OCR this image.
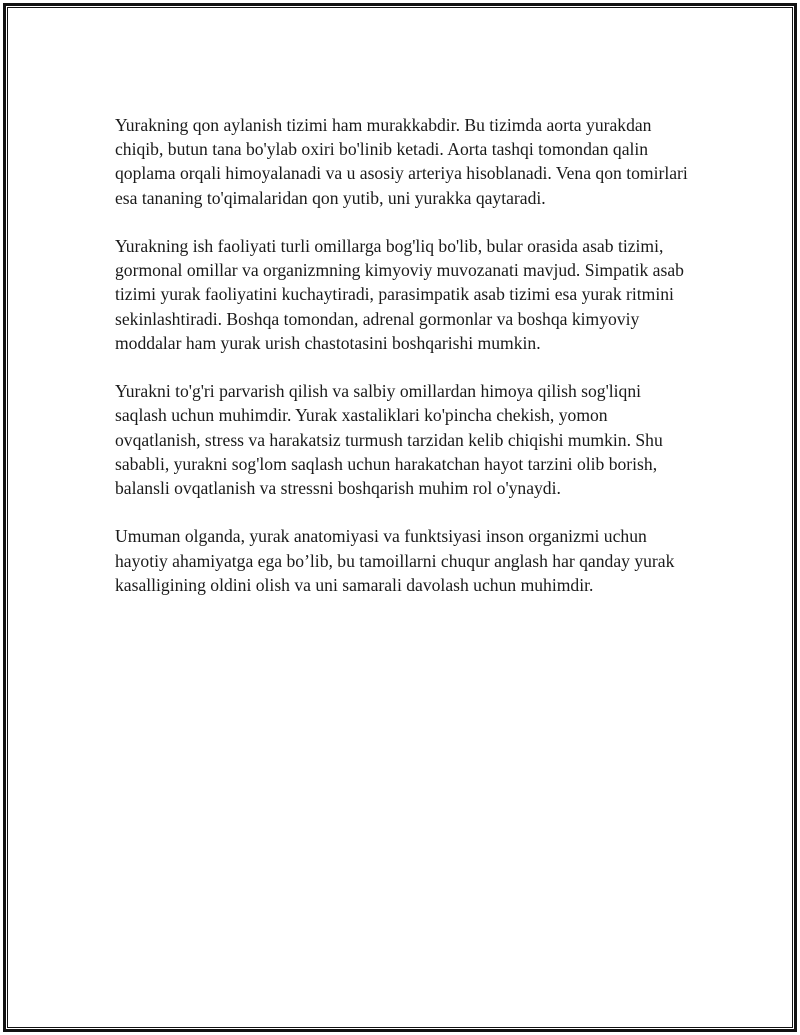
Yurakning qon aylanish tizimi ham murakkabdir. Bu tizimda aorta yurakdan chiqib, butun tana bo'ylab oxiri bo'linib ketadi. Aorta tashqi tomondan qalin qoplama orqali himoyalanadi va u asosiy arteriya hisoblanadi. Vena qon tomirlari esa tananing to'qimalaridan qon yutib, uni yurakka qaytaradi.

Yurakning ish faoliyati turli omillarga bog'liq bo'lib, bular orasida asab tizimi, gormonal omillar va organizmning kimyoviy muvozanati mavjud. Simpatik asab tizimi yurak faoliyatini kuchaytiradi, parasimpatik asab tizimi esa yurak ritmini sekinlashtiradi. Boshqa tomondan, adrenal gormonlar va boshqa kimyoviy moddalar ham yurak urish chastotasini boshqarishi mumkin.

Yurakni to'g'ri parvarish qilish va salbiy omillardan himoya qilish sog'liqni saqlash uchun muhimdir. Yurak xastaliklari ko'pincha chekish, yomon ovqatlanish, stress va harakatsiz turmush tarzidan kelib chiqishi mumkin. Shu sababli, yurakni sog'lom saqlash uchun harakatchan hayot tarzini olib borish, balansli ovqatlanish va stressni boshqarish muhim rol o'ynaydi.

Umuman olganda, yurak anatomiyasi va funktsiyasi inson organizmi uchun hayotiy ahamiyatga ega bo’lib, bu tamoillarni chuqur anglash har qanday yurak kasalligining oldini olish va uni samarali davolash uchun muhimdir.
